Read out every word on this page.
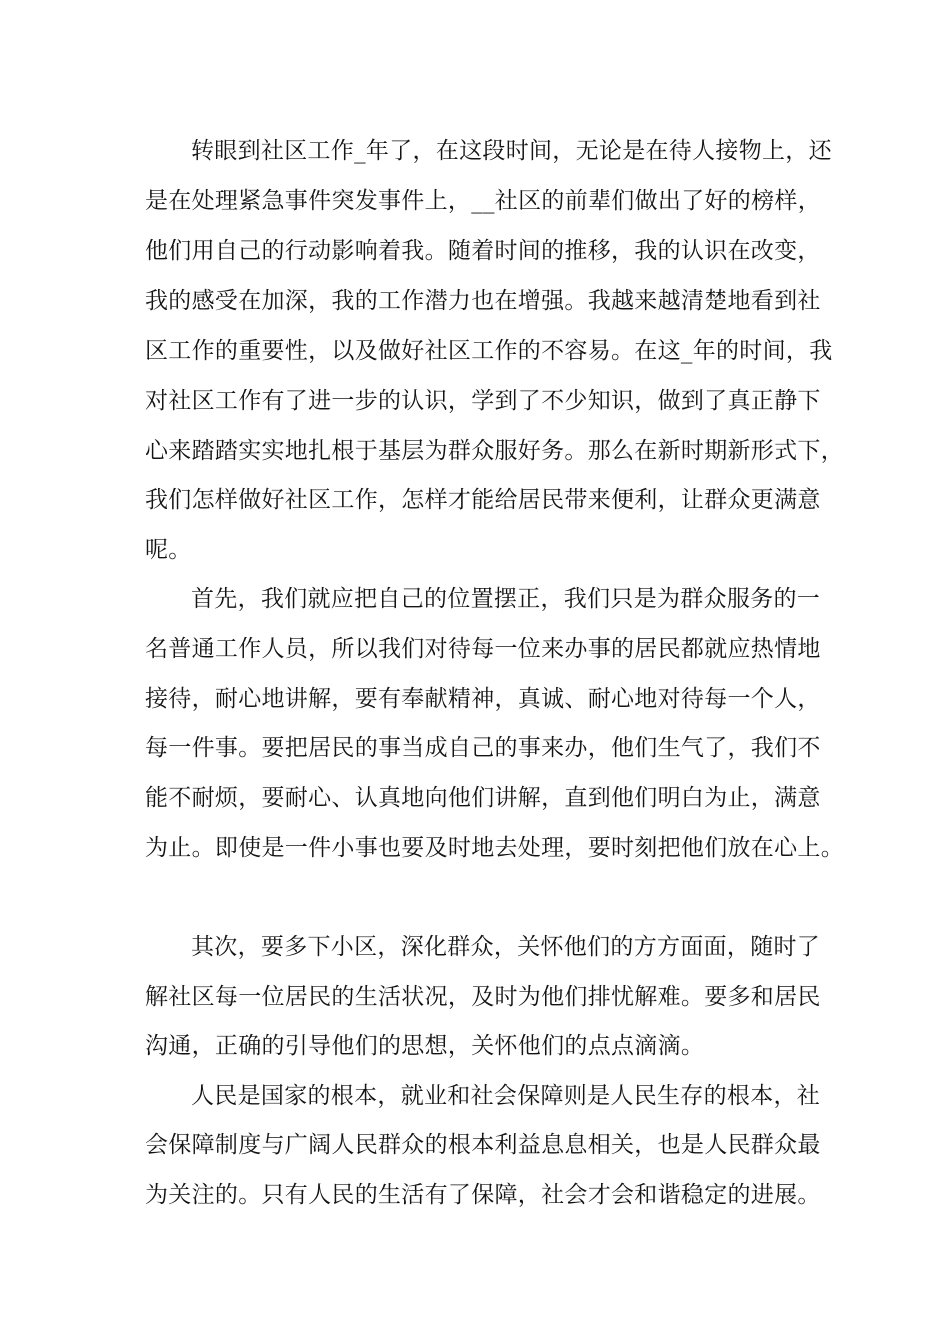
转眼到社区工作_年了，在这段时间，无论是在待人接物上，还
是在处理紧急事件突发事件上，__社区的前辈们做出了好的榜样，
他们用自己的行动影响着我。随着时间的推移，我的认识在改变，
我的感受在加深，我的工作潜力也在增强。我越来越清楚地看到社
区工作的重要性，以及做好社区工作的不容易。在这_年的时间，我
对社区工作有了进一步的认识，学到了不少知识，做到了真正静下
心来踏踏实实地扎根于基层为群众服好务。那么在新时期新形式下，
我们怎样做好社区工作，怎样才能给居民带来便利，让群众更满意
呢。
首先，我们就应把自己的位置摆正，我们只是为群众服务的一
名普通工作人员，所以我们对待每一位来办事的居民都就应热情地
接待，耐心地讲解，要有奉献精神，真诚、耐心地对待每一个人，
每一件事。要把居民的事当成自己的事来办，他们生气了，我们不
能不耐烦，要耐心、认真地向他们讲解，直到他们明白为止，满意
为止。即使是一件小事也要及时地去处理，要时刻把他们放在心上。
其次，要多下小区，深化群众，关怀他们的方方面面，随时了
解社区每一位居民的生活状况，及时为他们排忧解难。要多和居民
沟通，正确的引导他们的思想，关怀他们的点点滴滴。
人民是国家的根本，就业和社会保障则是人民生存的根本，社
会保障制度与广阔人民群众的根本利益息息相关，也是人民群众最
为关注的。只有人民的生活有了保障，社会才会和谐稳定的进展。
